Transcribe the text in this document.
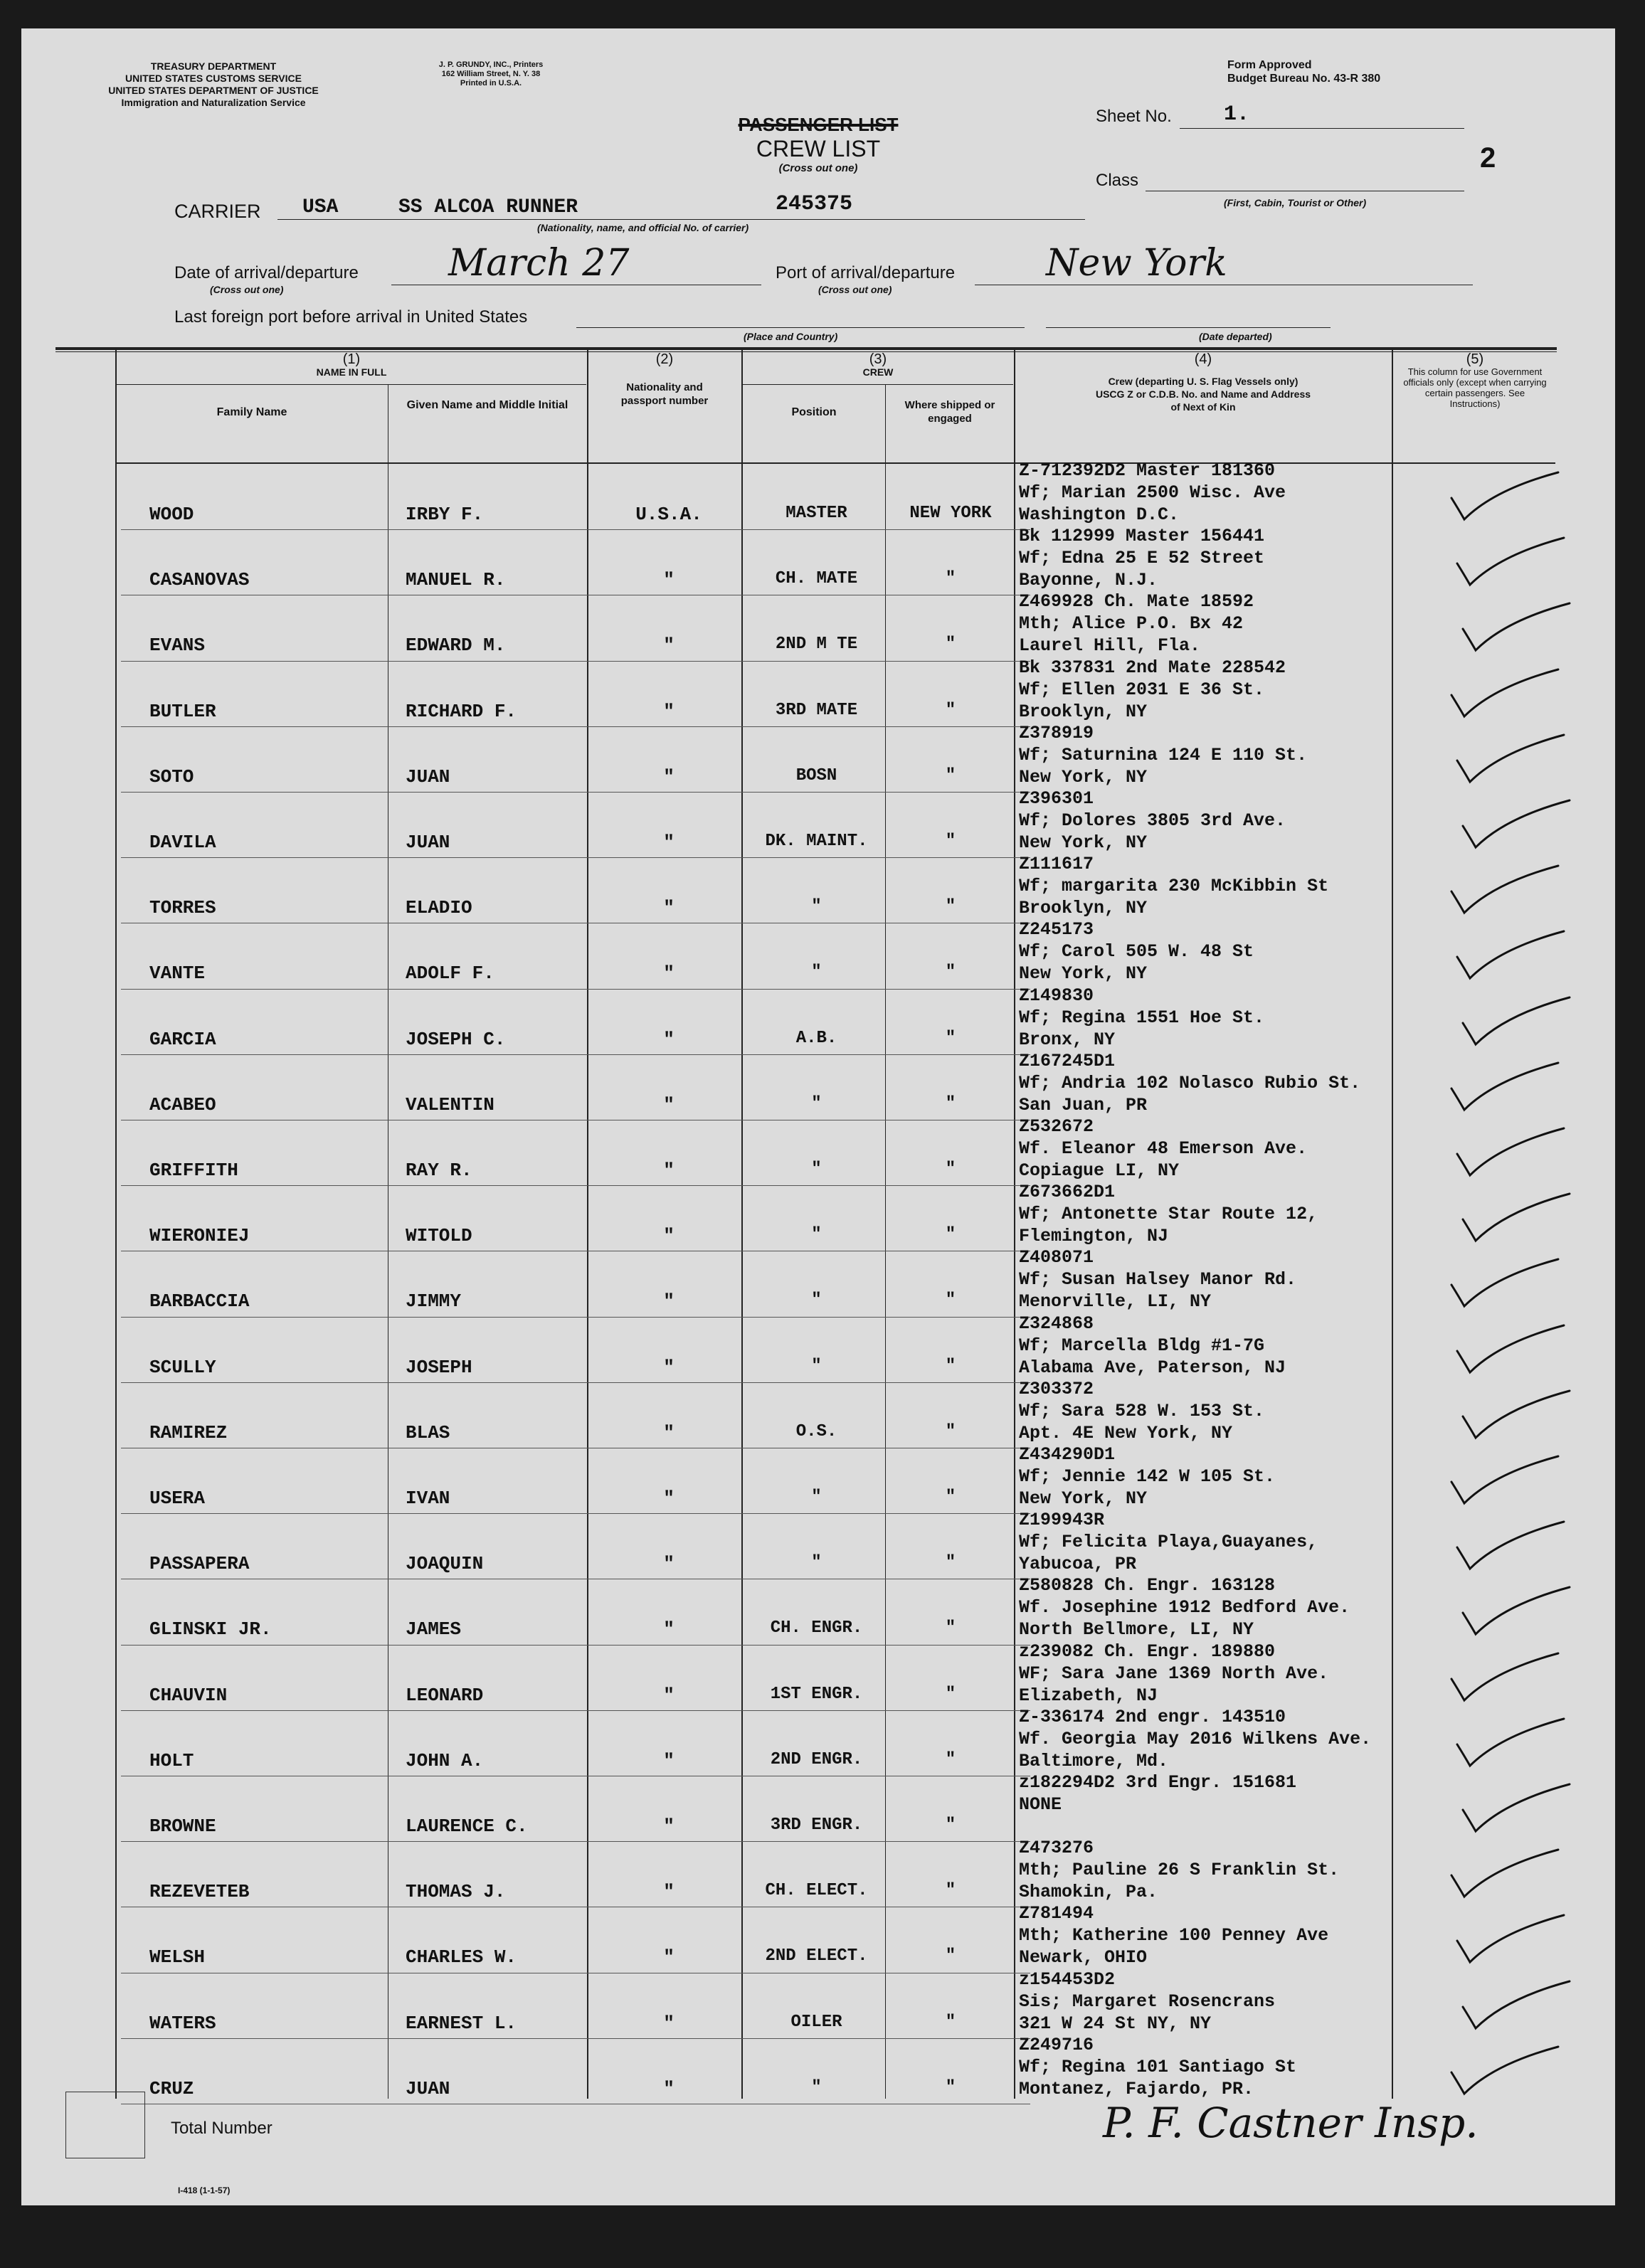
TREASURY DEPARTMENT
UNITED STATES CUSTOMS SERVICE
UNITED STATES DEPARTMENT OF JUSTICE
Immigration and Naturalization Service
J. P. GRUNDY, INC., Printers
162 William Street, N. Y. 38
Printed in U.S.A.
Form Approved
Budget Bureau No. 43-R 380
PASSENGER LIST
CREW LIST
(Cross out one)
Sheet No. 1.
Class
(First, Cabin, Tourist or Other)
2
CARRIER USA	SS ALCOA RUNNER	245375
(Nationality, name, and official No. of carrier)
Date of arrival/departure
(Cross out one)
March 27	Port of arrival/departure
(Cross out one)
New York
Last foreign port before arrival in United States
(Place and Country)	(Date departed)
(1)
NAME IN FULL
Family Name
Given Name and Middle Initial
(2)
Nationality and passport number
(3)
CREW
Position
Where shipped or engaged
(4)
Crew (departing U. S. Flag Vessels only) USCG Z or C.D.B. No. and Name and Address of Next of Kin
(5)
This column for use Government officials only (except when carrying certain passengers. See Instructions)
WOOD	IRBY F.	U.S.A.	MASTER	NEW YORK
Z-712392D2 Master 181360
Wf; Marian 2500 Wisc. Ave
Washington D.C.
CASANOVAS	MANUEL R.	"	CH. MATE	"
Bk 112999 Master 156441
Wf; Edna 25 E 52 Street
Bayonne, N.J.
EVANS	EDWARD M.	"	2ND M TE	"
Z469928 Ch. Mate 18592
Mth; Alice P.O. Bx 42
Laurel Hill, Fla.
BUTLER	RICHARD F.	"	3RD MATE	"
Bk 337831 2nd Mate 228542
Wf; Ellen 2031 E 36 St.
Brooklyn, NY
SOTO	JUAN	"	BOSN	"
Z378919
Wf; Saturnina 124 E 110 St.
New York, NY
DAVILA	JUAN	"	DK. MAINT.	"
Z396301
Wf; Dolores 3805 3rd Ave.
New York, NY
TORRES	ELADIO	"	"	"
Z111617
Wf; margarita 230 McKibbin St
Brooklyn, NY
VANTE	ADOLF F.	"	"	"
Z245173
Wf; Carol 505 W. 48 St
New York, NY
GARCIA	JOSEPH C.	"	A.B.	"
Z149830
Wf; Regina 1551 Hoe St.
Bronx, NY
ACABEO	VALENTIN	"	"	"
Z167245D1
Wf; Andria 102 Nolasco Rubio St.
San Juan, PR
GRIFFITH	RAY R.	"	"	"
Z532672
Wf. Eleanor 48 Emerson Ave.
Copiague LI, NY
WIERONIEJ	WITOLD	"	"	"
Z673662D1
Wf; Antonette Star Route 12,
Flemington, NJ
BARBACCIA	JIMMY	"	"	"
Z408071
Wf; Susan Halsey Manor Rd.
Menorville, LI, NY
SCULLY	JOSEPH	"	"	"
Z324868
Wf; Marcella Bldg #1-7G
Alabama Ave, Paterson, NJ
RAMIREZ	BLAS	"	O.S.	"
Z303372
Wf; Sara 528 W. 153 St.
Apt. 4E New York, NY
USERA	IVAN	"	"	"
Z434290D1
Wf; Jennie 142 W 105 St.
New York, NY
PASSAPERA	JOAQUIN	"	"	"
Z199943R
Wf; Felicita Playa,Guayanes,
Yabucoa, PR
GLINSKI JR.	JAMES	"	CH. ENGR.	"
Z580828 Ch. Engr. 163128
Wf. Josephine 1912 Bedford Ave.
North Bellmore, LI, NY
CHAUVIN	LEONARD	"	1ST ENGR.	"
z239082 Ch. Engr. 189880
WF; Sara Jane 1369 North Ave.
Elizabeth, NJ
HOLT	JOHN A.	"	2ND ENGR.	"
Z-336174 2nd engr. 143510
Wf. Georgia May 2016 Wilkens Ave.
Baltimore, Md.
BROWNE	LAURENCE C.	"	3RD ENGR.	"
z182294D2 3rd Engr. 151681
NONE
REZEVETEB	THOMAS J.	"	CH. ELECT.	"
Z473276
Mth; Pauline 26 S Franklin St.
Shamokin, Pa.
WELSH	CHARLES W.	"	2ND ELECT.	"
Z781494
Mth; Katherine 100 Penney Ave
Newark, OHIO
WATERS	EARNEST L.	"	OILER	"
z154453D2
Sis; Margaret Rosencrans
321 W 24 St NY, NY
CRUZ	JUAN	"	"	"
Z249716
Wf; Regina 101 Santiago St
Montanez, Fajardo, PR.
Total Number
I-418 (1-1-57)
P. F. Castner Insp.
